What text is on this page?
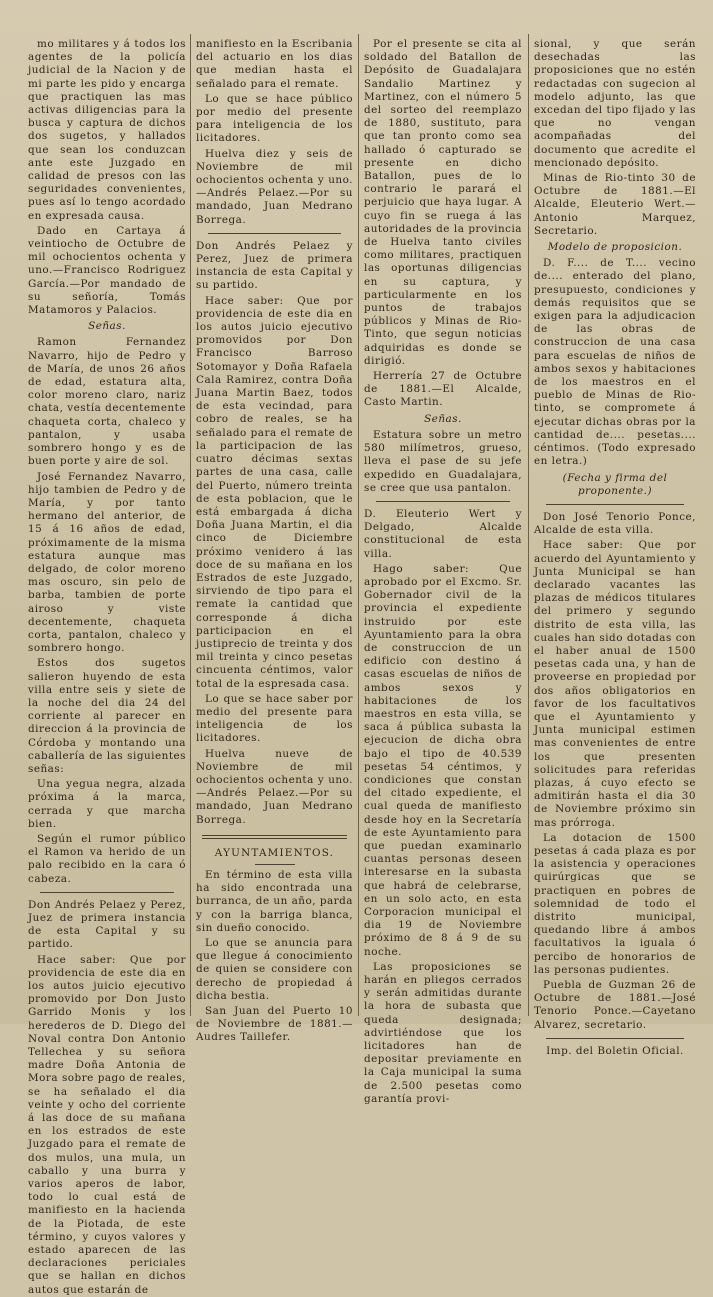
mo militares y á todos los agentes de la policía judicial de la Nacion y de mi parte les pido y encarga que practiquen las mas activas diligencias para la busca y captura de dichos dos sugetos, y hallados que sean los conduzcan ante este Juzgado en calidad de presos con las seguridades convenientes, pues así lo tengo acordado en expresada causa.

Dado en Cartaya á veintiocho de Octubre de mil ochocientos ochenta y uno.—Francisco Rodriguez García.—Por mandado de su señoría, Tomás Matamoros y Palacios.

Señas.

Ramon Fernandez Navarro, hijo de Pedro y de María, de unos 26 años de edad, estatura alta, color moreno claro, nariz chata, vestía decentemente chaqueta corta, chaleco y pantalon, y usaba sombrero hongo y es de buen porte y aire de sol.

José Fernandez Navarro, hijo tambien de Pedro y de María, y por tanto hermano del anterior, de 15 á 16 años de edad, próximamente de la misma estatura aunque mas delgado, de color moreno mas oscuro, sin pelo de barba, tambien de porte airoso y viste decentemente, chaqueta corta, pantalon, chaleco y sombrero hongo.

Estos dos sugetos salieron huyendo de esta villa entre seis y siete de la noche del dia 24 del corriente al parecer en direccion á la provincia de Córdoba y montando una caballería de las siguientes señas:

Una yegua negra, alzada próxima á la marca, cerrada y que marcha bien.

Según el rumor público el Ramon va herido de un palo recibido en la cara ó cabeza.

Don Andrés Pelaez y Perez, Juez de primera instancia de esta Capital y su partido.

Hace saber: Que por providencia de este dia en los autos juicio ejecutivo promovido por Don Justo Garrido Monis y los herederos de D. Diego del Noval contra Don Antonio Tellechea y su señora madre Doña Antonia de Mora sobre pago de reales, se ha señalado el dia veinte y ocho del corriente á las doce de su mañana en los estrados de este Juzgado para el remate de dos mulos, una mula, un caballo y una burra y varios aperos de labor, todo lo cual está de manifiesto en la hacienda de la Piotada, de este término, y cuyos valores y estado aparecen de las declaraciones periciales que se hallan en dichos autos que estarán de

manifiesto en la Escribania del actuario en los dias que median hasta el señalado para el remate.

Lo que se hace público por medio del presente para inteligencia de los licitadores.

Huelva diez y seis de Noviembre de mil ochocientos ochenta y uno.—Andrés Pelaez.—Por su mandado, Juan Medrano Borrega.

Don Andrés Pelaez y Perez, Juez de primera instancia de esta Capital y su partido.

Hace saber: Que por providencia de este dia en los autos juicio ejecutivo promovidos por Don Francisco Barroso Sotomayor y Doña Rafaela Cala Ramirez, contra Doña Juana Martin Baez, todos de esta vecindad, para cobro de reales, se ha señalado para el remate de la participacion de las cuatro décimas sextas partes de una casa, calle del Puerto, número treinta de esta poblacion, que le está embargada á dicha Doña Juana Martin, el dia cinco de Diciembre próximo venidero á las doce de su mañana en los Estrados de este Juzgado, sirviendo de tipo para el remate la cantidad que corresponde á dicha participacion en el justiprecio de treinta y dos mil treinta y cinco pesetas cincuenta céntimos, valor total de la espresada casa.

Lo que se hace saber por medio del presente para inteligencia de los licitadores.

Huelva nueve de Noviembre de mil ochocientos ochenta y uno.—Andrés Pelaez.—Por su mandado, Juan Medrano Borrega.

AYUNTAMIENTOS.

En término de esta villa ha sido encontrada una burranca, de un año, parda y con la barriga blanca, sin dueño conocido.

Lo que se anuncia para que llegue á conocimiento de quien se considere con derecho de propiedad á dicha bestia.

San Juan del Puerto 10 de Noviembre de 1881.—Audres Taillefer.

Por el presente se cita al soldado del Batallon de Depósito de Guadalajara Sandalio Martinez y Martinez, con el número 5 del sorteo del reemplazo de 1880, sustituto, para que tan pronto como sea hallado ó capturado se presente en dicho Batallon, pues de lo contrario le parará el perjuicio que haya lugar. A cuyo fin se ruega á las autoridades de la provincia de Huelva tanto civiles como militares, practiquen las oportunas diligencias en su captura, y particularmente en los puntos de trabajos públicos y Minas de Rio-Tinto, que segun noticias adquiridas es donde se dirigió.

Herrería 27 de Octubre de 1881.—El Alcalde, Casto Martin.

Señas.

Estatura sobre un metro 580 milímetros, grueso, lleva el pase de su jefe expedido en Guadalajara, se cree que usa pantalon.

D. Eleuterio Wert y Delgado, Alcalde constitucional de esta villa.

Hago saber: Que aprobado por el Excmo. Sr. Gobernador civil de la provincia el expediente instruido por este Ayuntamiento para la obra de construccion de un edificio con destino á casas escuelas de niños de ambos sexos y habitaciones de los maestros en esta villa, se saca á pública subasta la ejecucion de dicha obra bajo el tipo de 40.539 pesetas 54 céntimos, y condiciones que constan del citado expediente, el cual queda de manifiesto desde hoy en la Secretaría de este Ayuntamiento para que puedan examinarlo cuantas personas deseen interesarse en la subasta que habrá de celebrarse, en un solo acto, en esta Corporacion municipal el dia 19 de Noviembre próximo de 8 á 9 de su noche.

Las proposiciones se harán en pliegos cerrados y serán admitidas durante la hora de subasta que queda designada; advirtiéndose que los licitadores han de depositar previamente en la Caja municipal la suma de 2.500 pesetas como garantía provi-

sional, y que serán desechadas las proposiciones que no estén redactadas con sugecion al modelo adjunto, las que excedan del tipo fijado y las que no vengan acompañadas del documento que acredite el mencionado depósito.

Minas de Rio-tinto 30 de Octubre de 1881.—El Alcalde, Eleuterio Wert.—Antonio Marquez, Secretario.

Modelo de proposicion.

D. F.... de T.... vecino de.... enterado del plano, presupuesto, condiciones y demás requisitos que se exigen para la adjudicacion de las obras de construccion de una casa para escuelas de niños de ambos sexos y habitaciones de los maestros en el pueblo de Minas de Rio-tinto, se compromete á ejecutar dichas obras por la cantidad de.... pesetas.... céntimos. (Todo expresado en letra.)

(Fecha y firma del proponente.)

Don José Tenorio Ponce, Alcalde de esta villa.

Hace saber: Que por acuerdo del Ayuntamiento y Junta Municipal se han declarado vacantes las plazas de médicos titulares del primero y segundo distrito de esta villa, las cuales han sido dotadas con el haber anual de 1500 pesetas cada una, y han de proveerse en propiedad por dos años obligatorios en favor de los facultativos que el Ayuntamiento y Junta municipal estimen mas convenientes de entre los que presenten solicitudes para referidas plazas, á cuyo efecto se admitirán hasta el dia 30 de Noviembre próximo sin mas prórroga.

La dotacion de 1500 pesetas á cada plaza es por la asistencia y operaciones quirúrgicas que se practiquen en pobres de solemnidad de todo el distrito municipal, quedando libre á ambos facultativos la iguala ó percibo de honorarios de las personas pudientes.

Puebla de Guzman 26 de Octubre de 1881.—José Tenorio Ponce.—Cayetano Alvarez, secretario.

Imp. del Boletin Oficial.
